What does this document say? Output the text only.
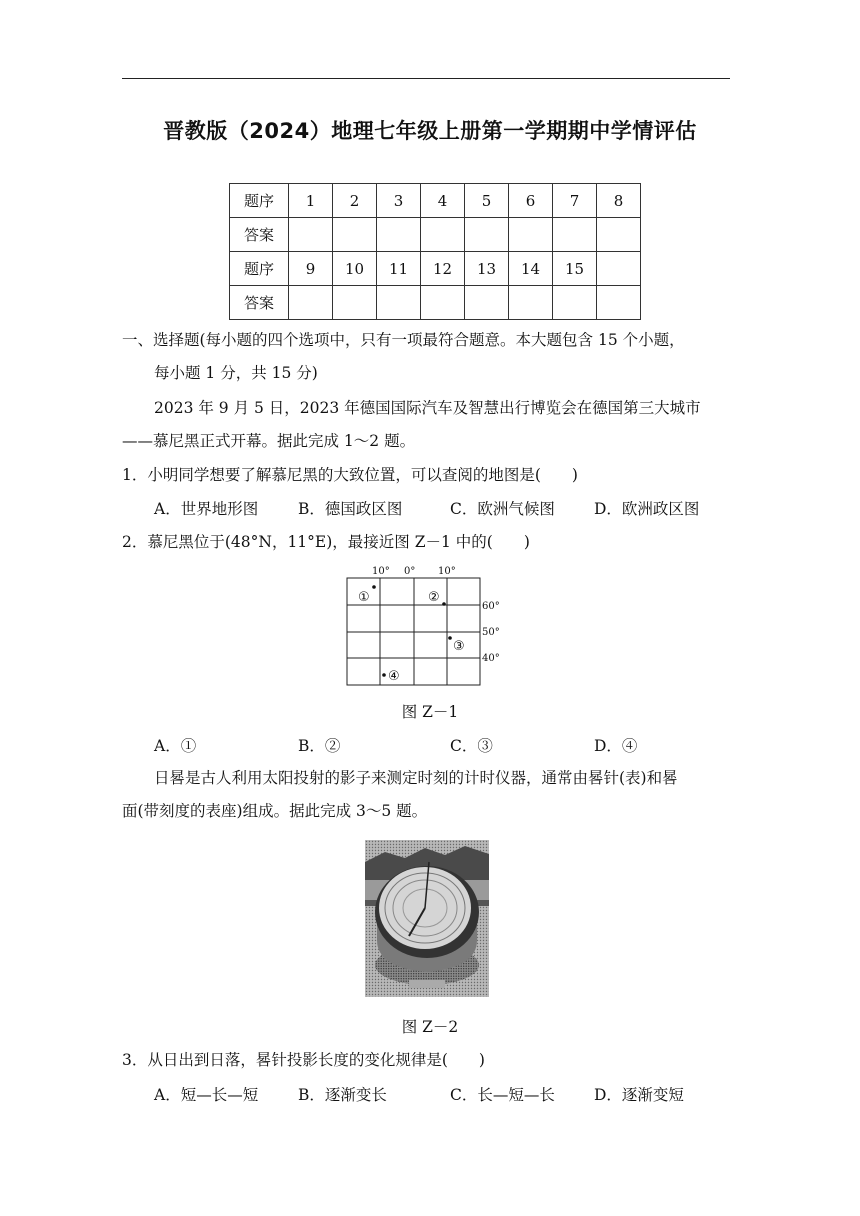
晋教版（2024）地理七年级上册第一学期期中学情评估
题序	1	2	3	4	5	6	7	8
答案								
题序	9	10	11	12	13	14	15	
答案								
一、选择题(每小题的四个选项中，只有一项最符合题意。本大题包含 15 个小题，
每小题 1 分，共 15 分)
2023 年 9 月 5 日，2023 年德国国际汽车及智慧出行博览会在德国第三大城市
——慕尼黑正式开幕。据此完成 1～2 题。
1．小明同学想要了解慕尼黑的大致位置，可以查阅的地图是(　　)
A．世界地形图	B．德国政区图	C．欧洲气候图	D．欧洲政区图
2．慕尼黑位于(48°N，11°E)，最接近图 Z－1 中的(　　)
10° 0° 10°
60°
50°
40°
①	②
③
④
图 Z－1
A．①	B．②	C．③	D．④
日晷是古人利用太阳投射的影子来测定时刻的计时仪器，通常由晷针(表)和晷
面(带刻度的表座)组成。据此完成 3～5 题。
图 Z－2
3．从日出到日落，晷针投影长度的变化规律是(　　)
A．短—长—短	B．逐渐变长	C．长—短—长	D．逐渐变短
